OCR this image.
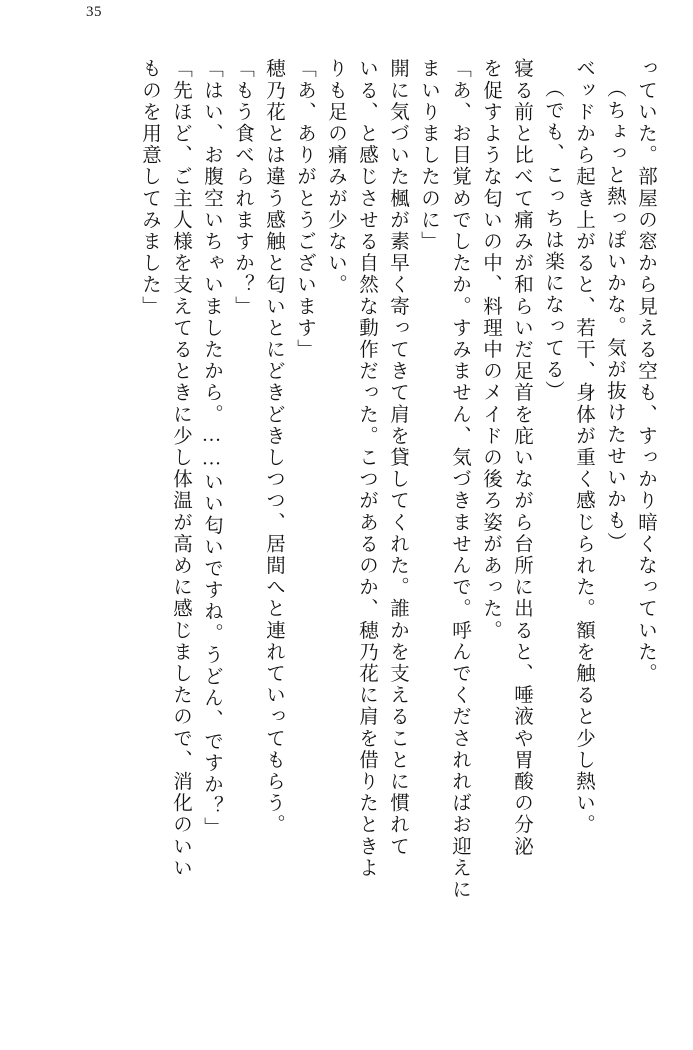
35
っていた。部屋の窓から見える空も、すっかり暗くなっていた。
（ちょっと熱っぽいかな。気が抜けたせいかも）
ベッドから起き上がると、若干、身体が重く感じられた。額を触ると少し熱い。
（でも、こっちは楽になってる）
寝る前と比べて痛みが和らいだ足首を庇いながら台所に出ると、唾液や胃酸の分泌
を促すような匂いの中、料理中のメイドの後ろ姿があった。
「あ、お目覚めでしたか。すみません、気づきませんで。呼んでくだされればお迎えに
まいりましたのに」
開に気づいた楓が素早く寄ってきて肩を貸してくれた。誰かを支えることに慣れて
いる、と感じさせる自然な動作だった。こつがあるのか、穂乃花に肩を借りたときよ
りも足の痛みが少ない。
「あ、ありがとうございます」
穂乃花とは違う感触と匂いとにどきどきしつつ、居間へと連れていってもらう。
「もう食べられますか？」
「はい、お腹空いちゃいましたから。……いい匂いですね。うどん、ですか？」
「先ほど、ご主人様を支えてるときに少し体温が高めに感じましたので、消化のいい
ものを用意してみました」
